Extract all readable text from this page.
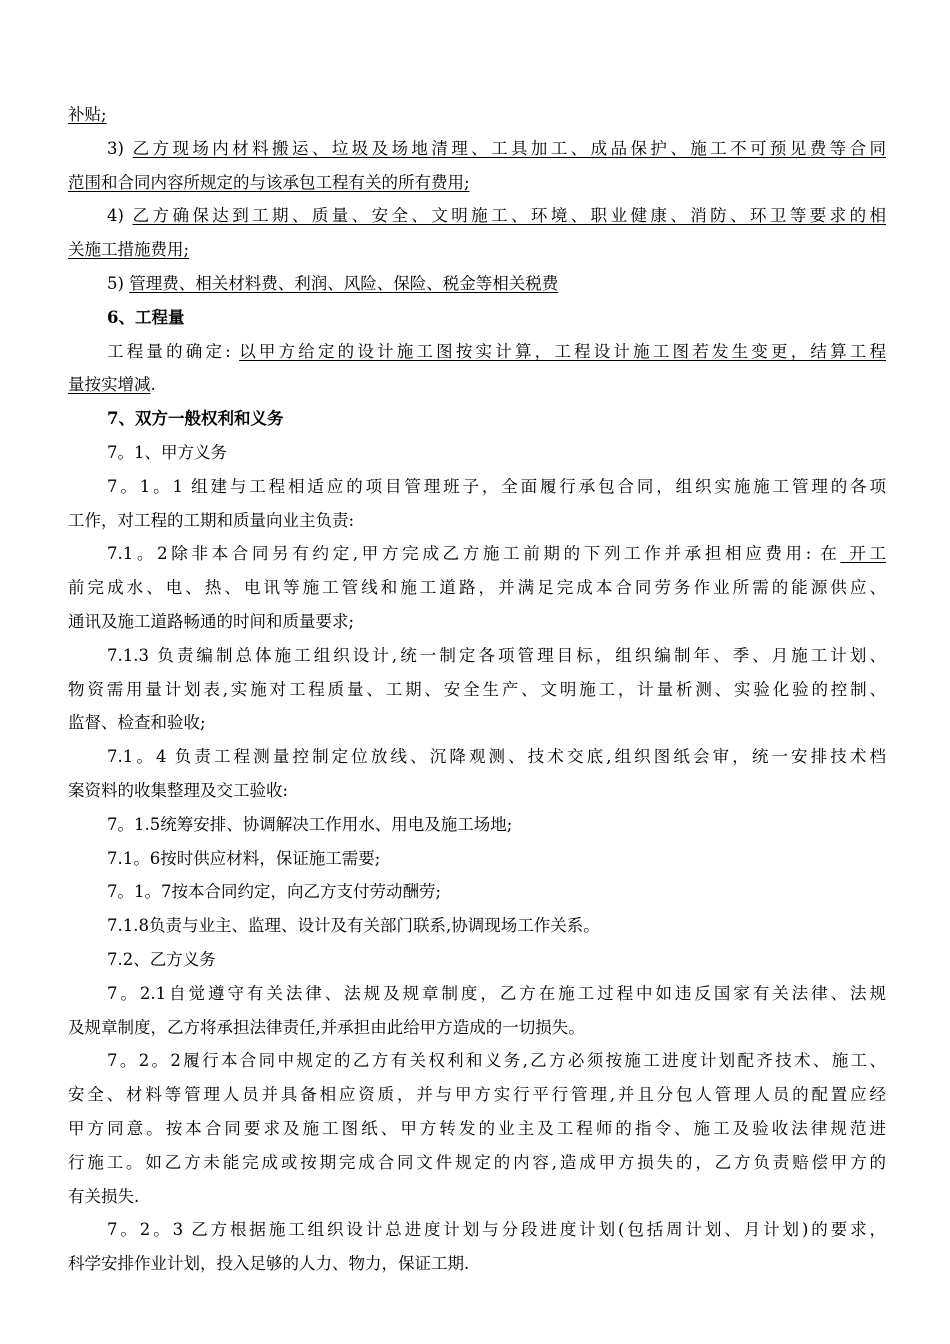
补贴;
3) 乙方现场内材料搬运、垃圾及场地清理、工具加工、成品保护、施工不可预见费等合同
范围和合同内容所规定的与该承包工程有关的所有费用;
4) 乙方确保达到工期、质量、安全、文明施工、环境、职业健康、消防、环卫等要求的相
关施工措施费用;
5) 管理费、相关材料费、利润、风险、保险、税金等相关税费
6、工程量
工程量的确定: 以甲方给定的设计施工图按实计算，工程设计施工图若发生变更，结算工程
量按实增减.
7、双方一般权利和义务
7。1、甲方义务
7。1。1 组建与工程相适应的项目管理班子，全面履行承包合同，组织实施施工管理的各项
工作，对工程的工期和质量向业主负责:
7.1。2除非本合同另有约定,甲方完成乙方施工前期的下列工作并承担相应费用: 在 开工
前完成水、电、热、电讯等施工管线和施工道路，并满足完成本合同劳务作业所需的能源供应、
通讯及施工道路畅通的时间和质量要求;
7.1.3 负责编制总体施工组织设计,统一制定各项管理目标，组织编制年、季、月施工计划、
物资需用量计划表,实施对工程质量、工期、安全生产、文明施工，计量析测、实验化验的控制、
监督、检查和验收;
7.1。4 负责工程测量控制定位放线、沉降观测、技术交底,组织图纸会审，统一安排技术档
案资料的收集整理及交工验收:
7。1.5统筹安排、协调解决工作用水、用电及施工场地;
7.1。6按时供应材料，保证施工需要;
7。1。7按本合同约定，向乙方支付劳动酬劳;
7.1.8负责与业主、监理、设计及有关部门联系,协调现场工作关系。
7.2、乙方义务
7。2.1自觉遵守有关法律、法规及规章制度，乙方在施工过程中如违反国家有关法律、法规
及规章制度，乙方将承担法律责任,并承担由此给甲方造成的一切损失。
7。2。2履行本合同中规定的乙方有关权利和义务,乙方必须按施工进度计划配齐技术、施工、
安全、材料等管理人员并具备相应资质，并与甲方实行平行管理,并且分包人管理人员的配置应经
甲方同意。按本合同要求及施工图纸、甲方转发的业主及工程师的指令、施工及验收法律规范进
行施工。如乙方未能完成或按期完成合同文件规定的内容,造成甲方损失的，乙方负责赔偿甲方的
有关损失.
7。2。3 乙方根据施工组织设计总进度计划与分段进度计划(包括周计划、月计划)的要求，
科学安排作业计划，投入足够的人力、物力，保证工期.
